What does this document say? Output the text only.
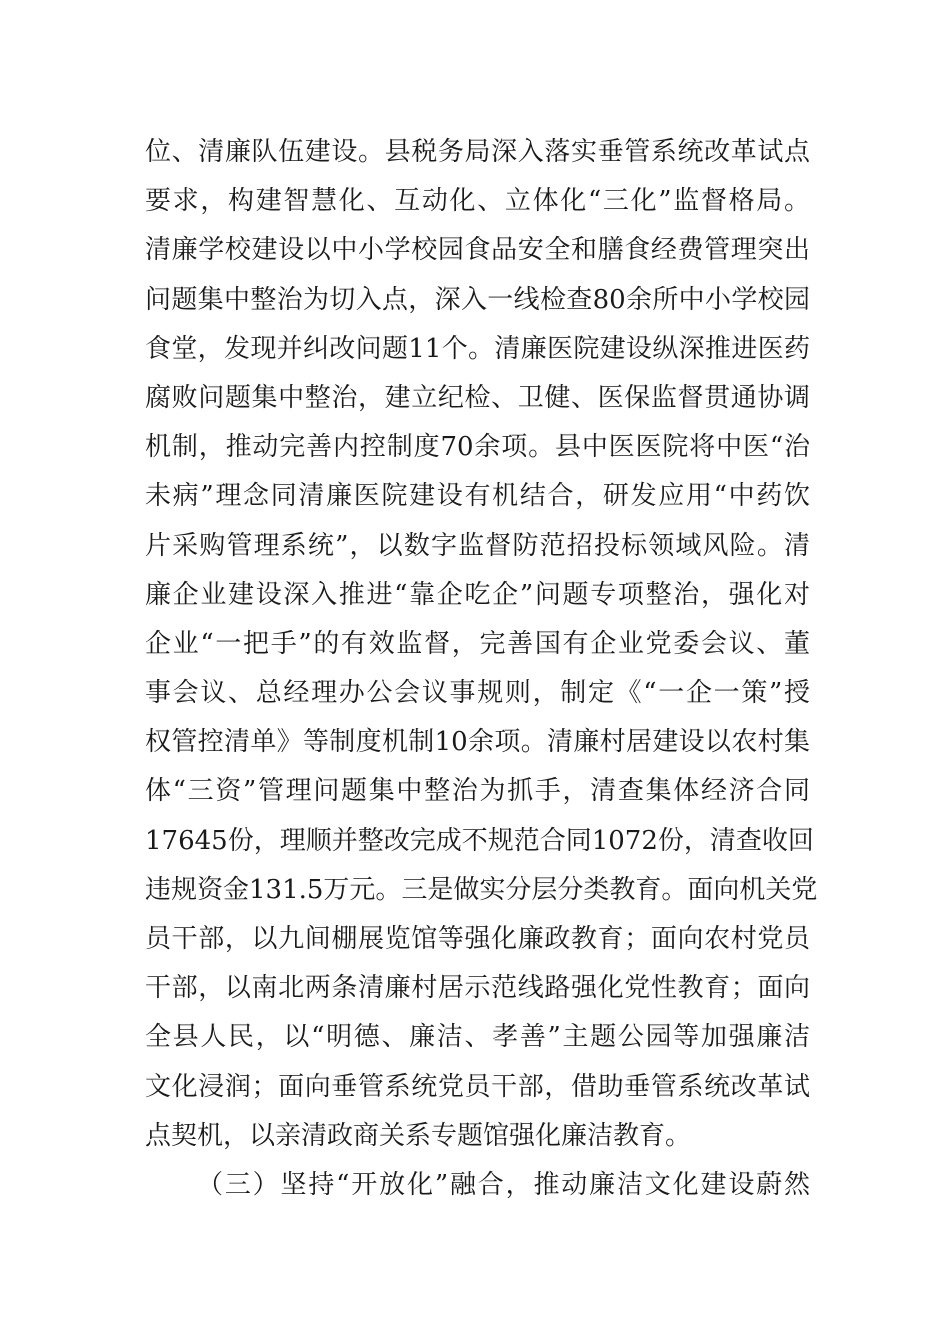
位、清廉队伍建设。县税务局深入落实垂管系统改革试点
要求，构建智慧化、互动化、立体化“三化”监督格局。
清廉学校建设以中小学校园食品安全和膳食经费管理突出
问题集中整治为切入点，深入一线检查80余所中小学校园
食堂，发现并纠改问题11个。清廉医院建设纵深推进医药
腐败问题集中整治，建立纪检、卫健、医保监督贯通协调
机制，推动完善内控制度70余项。县中医医院将中医“治
未病”理念同清廉医院建设有机结合，研发应用“中药饮
片采购管理系统”，以数字监督防范招投标领域风险。清
廉企业建设深入推进“靠企吃企”问题专项整治，强化对
企业“一把手”的有效监督，完善国有企业党委会议、董
事会议、总经理办公会议事规则，制定《“一企一策”授
权管控清单》等制度机制10余项。清廉村居建设以农村集
体“三资”管理问题集中整治为抓手，清查集体经济合同
17645份，理顺并整改完成不规范合同1072份，清查收回
违规资金131.5万元。三是做实分层分类教育。面向机关党
员干部，以九间棚展览馆等强化廉政教育；面向农村党员
干部，以南北两条清廉村居示范线路强化党性教育；面向
全县人民，以“明德、廉洁、孝善”主题公园等加强廉洁
文化浸润；面向垂管系统党员干部，借助垂管系统改革试
点契机，以亲清政商关系专题馆强化廉洁教育。
（三）坚持“开放化”融合，推动廉洁文化建设蔚然
